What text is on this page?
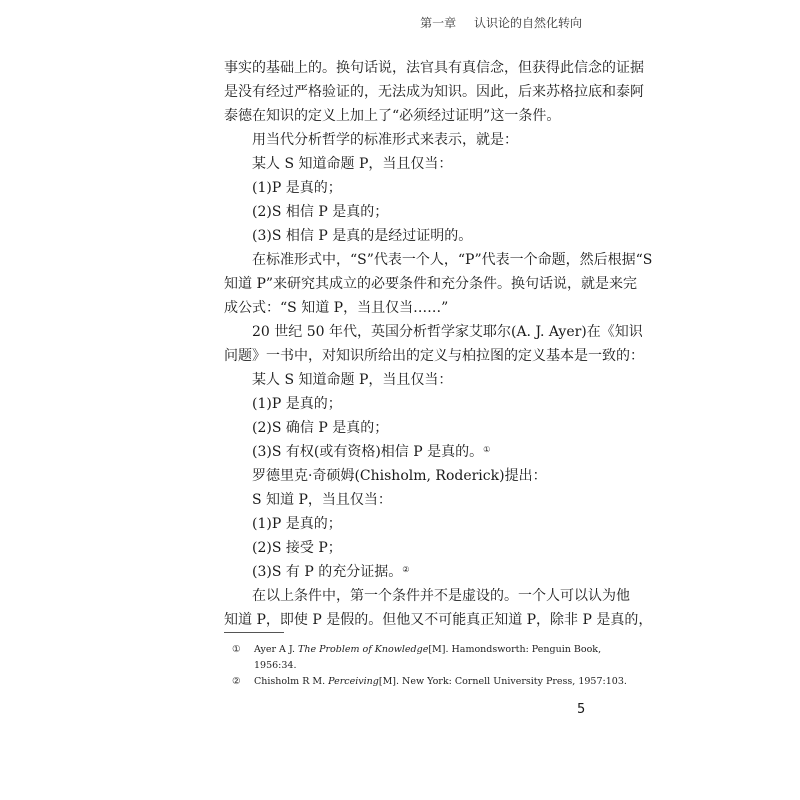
第一章 认识论的自然化转向

事实的基础上的。换句话说，法官具有真信念，但获得此信念的证据

是没有经过严格验证的，无法成为知识。因此，后来苏格拉底和泰阿

泰德在知识的定义上加上了“必须经过证明”这一条件。

用当代分析哲学的标准形式来表示，就是：

某人 S 知道命题 P，当且仅当：

(1)P 是真的；

(2)S 相信 P 是真的；

(3)S 相信 P 是真的是经过证明的。

在标准形式中，“S”代表一个人，“P”代表一个命题，然后根据“S

知道 P”来研究其成立的必要条件和充分条件。换句话说，就是来完

成公式：“S 知道 P，当且仅当……”

20 世纪 50 年代，英国分析哲学家艾耶尔(A. J. Ayer)在《知识

问题》一书中，对知识所给出的定义与柏拉图的定义基本是一致的：

某人 S 知道命题 P，当且仅当：

(1)P 是真的；

(2)S 确信 P 是真的；

(3)S 有权(或有资格)相信 P 是真的。①

罗德里克·奇硕姆(Chisholm, Roderick)提出：

S 知道 P，当且仅当：

(1)P 是真的；

(2)S 接受 P；

(3)S 有 P 的充分证据。②

在以上条件中，第一个条件并不是虚设的。一个人可以认为他

知道 P，即使 P 是假的。但他又不可能真正知道 P，除非 P 是真的，

① Ayer A J. The Problem of Knowledge[M]. Hamondsworth: Penguin Book,
1956:34.
② Chisholm R M. Perceiving[M]. New York: Cornell University Press, 1957:103.
5
